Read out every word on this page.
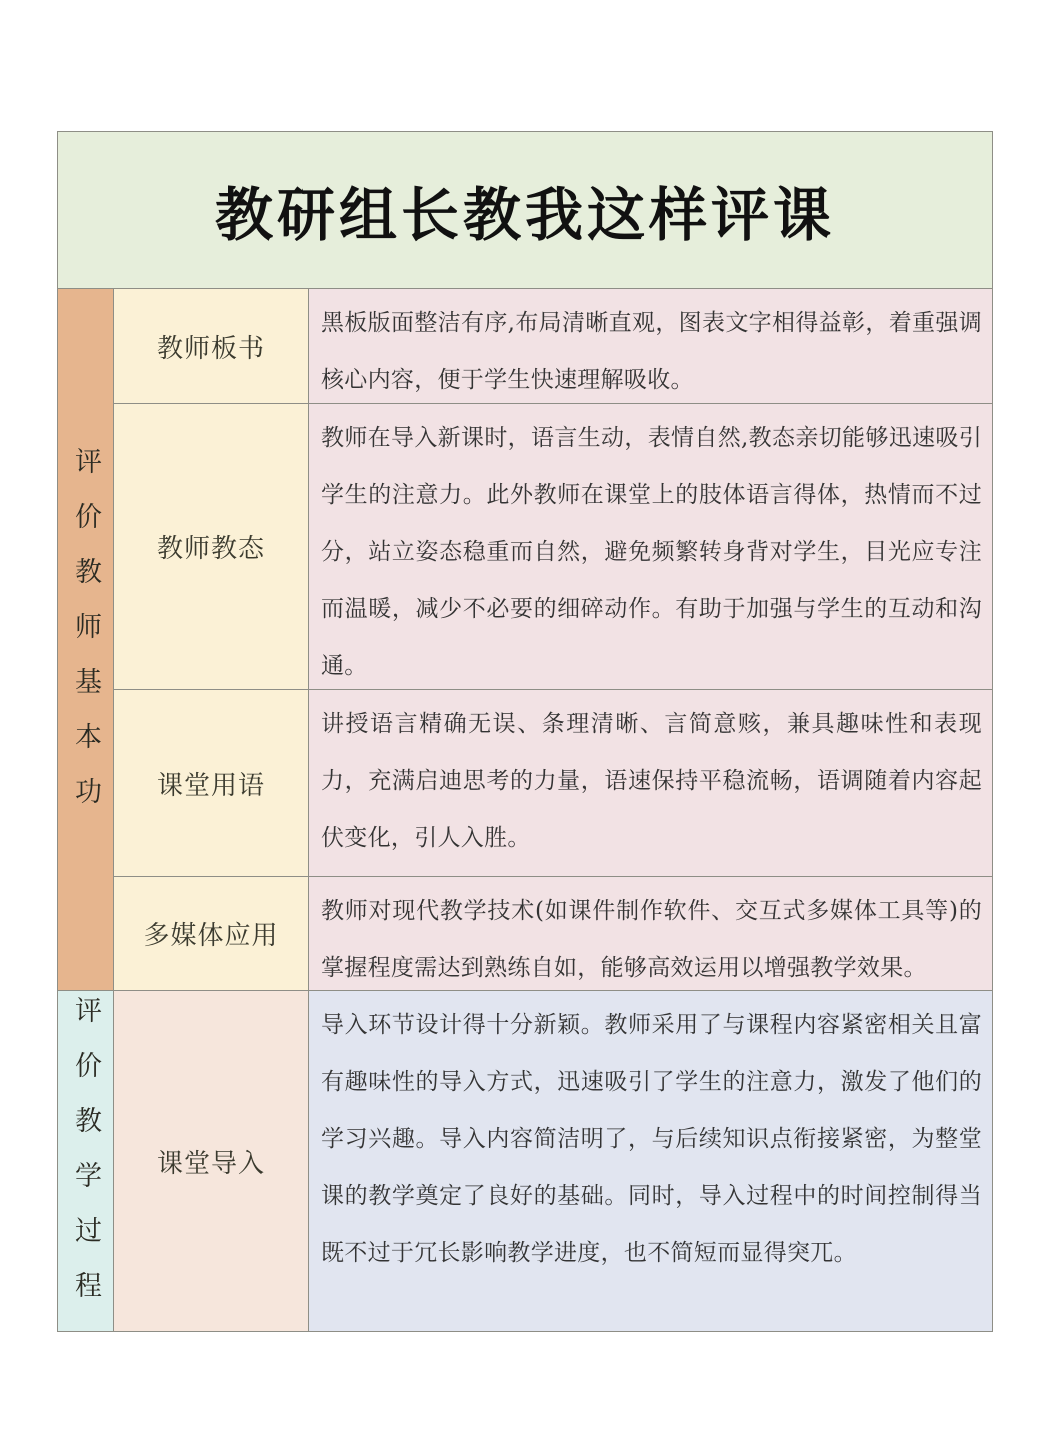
教研组长教我这样评课
评价教师基本功
教师板书
黑板版面整洁有序,布局清晰直观，图表文字相得益彰，着重强调核心内容，便于学生快速理解吸收。
教师教态
教师在导入新课时，语言生动，表情自然,教态亲切能够迅速吸引学生的注意力。此外教师在课堂上的肢体语言得体，热情而不过分，站立姿态稳重而自然，避免频繁转身背对学生，目光应专注而温暖，减少不必要的细碎动作。有助于加强与学生的互动和沟通。
课堂用语
讲授语言精确无误、条理清晰、言简意赅，兼具趣味性和表现力，充满启迪思考的力量，语速保持平稳流畅，语调随着内容起伏变化，引人入胜。
多媒体应用
教师对现代教学技术(如课件制作软件、交互式多媒体工具等)的掌握程度需达到熟练自如，能够高效运用以增强教学效果。
评价教学过程	课堂导入
导入环节设计得十分新颖。教师采用了与课程内容紧密相关且富有趣味性的导入方式，迅速吸引了学生的注意力，激发了他们的学习兴趣。导入内容简洁明了，与后续知识点衔接紧密，为整堂课的教学奠定了良好的基础。同时，导入过程中的时间控制得当既不过于冗长影响教学进度，也不简短而显得突兀。
